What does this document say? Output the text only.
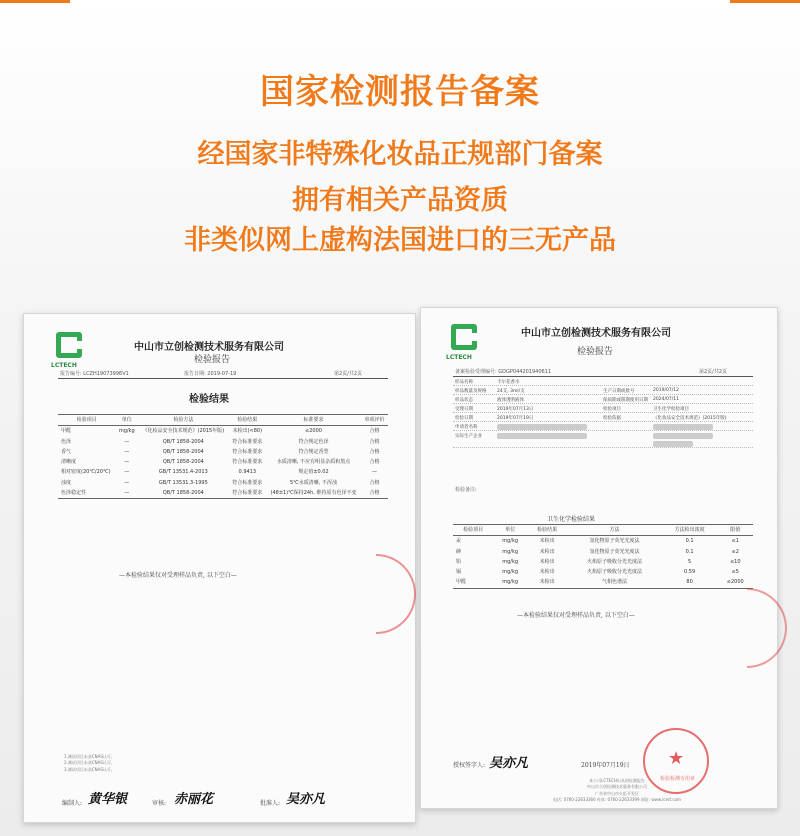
国家检测报告备案
经国家非特殊化妆品正规部门备案
拥有相关产品资质
非类似网上虚构法国进口的三无产品
LCTECH
中山市立创检测技术服务有限公司
检验报告
报告编号: LCZH19073996V1	报告日期: 2019-07-19	第2页/共2页
检验结果
检验项目	单位	检验方法	检验结果	标准要求	单项评价
甲醛	mg/kg	《化妆品安全技术规范》(2015年版)	未检出(<80)	≤2000	合格
色泽	—	QB/T 1858-2004	符合标准要求	符合规定色泽	合格
香气	—	QB/T 1858-2004	符合标准要求	符合规定香型	合格
清晰度	—	QB/T 1858-2004	符合标准要求	水质清晰, 不应有明显杂质和黑点	合格
相对密度(20℃/20℃)	—	GB/T 13531.4-2013	0.9413	规定值±0.02	—
浊度	—	GB/T 13531.3-1995	符合标准要求	5℃水质清晰, 不浑浊	合格
色泽稳定性	—	QB/T 1858-2004	符合标准要求	(48±1)℃保持24h, 维持原有色泽不变	合格
—本检验结果仅对受理样品负责, 以下空白—
1.测试项目未获CNAS认可。
2.测试项目未获CNAS认可。
3.测试项目未获CNAS认可。
编制人: 黄华银	审核: 赤丽花	批准人: 吴亦凡
LCTECH
中山市立创检测技术服务有限公司
检验报告
备案检验受理编号: GDGP044201940611	第2页/共2页
样品名称	卡尔花香水
样品数量及规格 24支, 3ml/支	生产日期或批号	2019/07/12
样品状态	液体透明液体	保质期或限期使用日期 2024/07/11
受理日期	2019年07月13日	检验项目	卫生化学检验项目
检验日期	2019年07月19日	检验依据	《化妆品安全技术规范》(2015年版)
申请者名称
实际生产企业
检验备注:
卫生化学检验结果
检验项目	单位	检验结果	方法	方法检出浓度	限值
汞	mg/kg	未检出	氢化物原子荧光光度法	0.1	≤1
砷	mg/kg	未检出	氢化物原子荧光光度法	0.1	≤2
铅	mg/kg	未检出	火焰原子吸收分光光度法	5	≤10
镉	mg/kg	未检出	火焰原子吸收分光光度法	0.59	≤5
甲醛	mg/kg	未检出	气相色谱法	80	≤2000
—本检验结果仅对受理样品负责, 以下空白—
授权签字人: 吴亦凡	2019年07月19日
本公司LCTECH出具的检测报告
中山市立创检测技术服务有限公司
广东省中山市火炬开发区
电话: 0760-22633366 传真: 0760-22633399 网址: www.lcert.com
★
检验检测专用章
